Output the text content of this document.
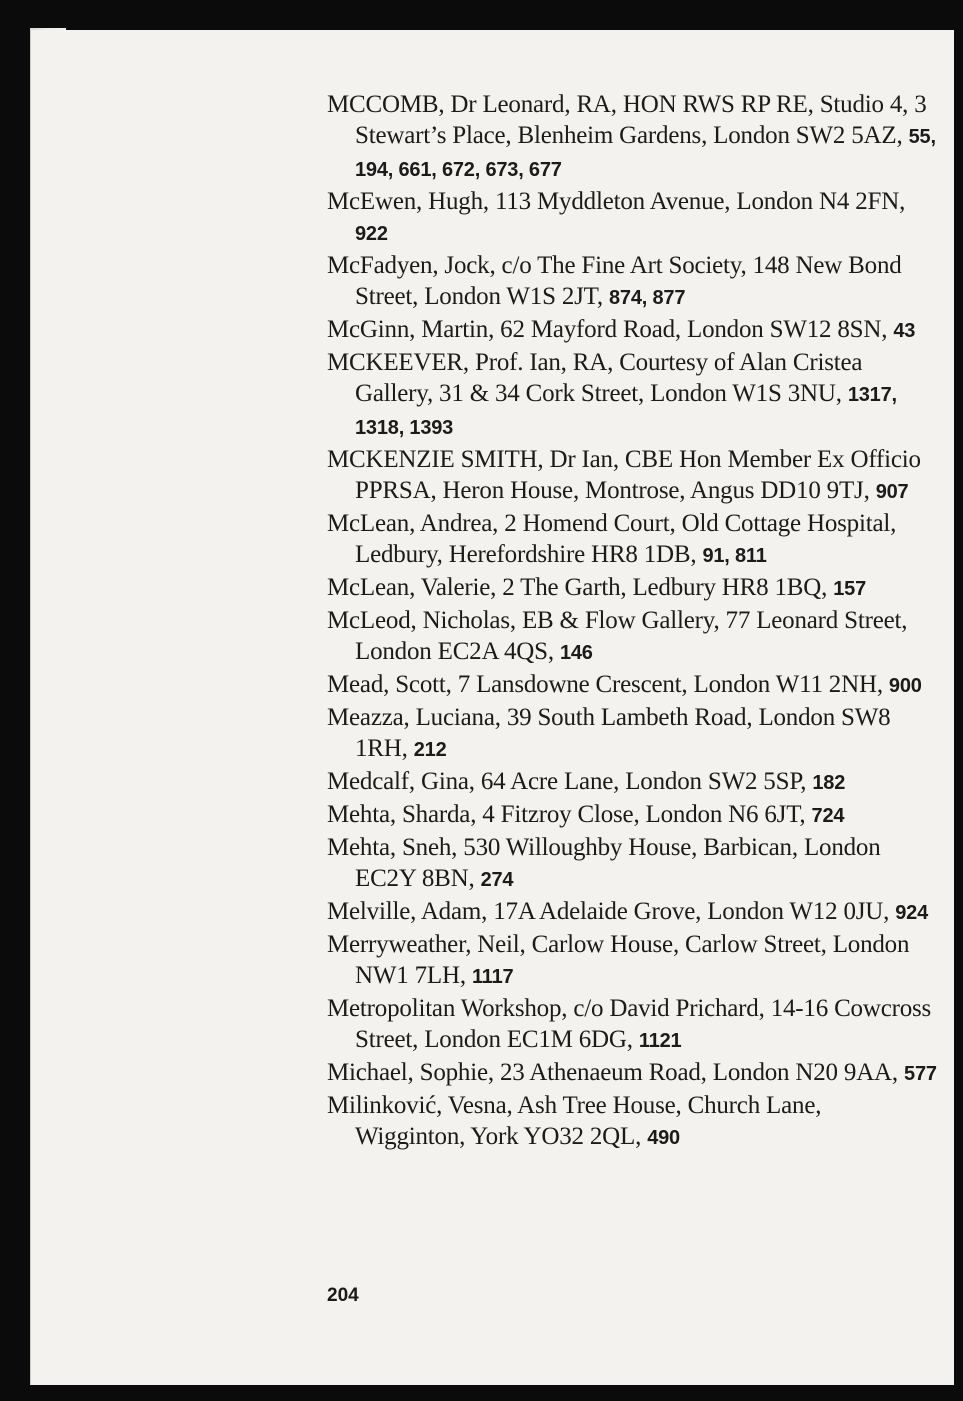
MCCOMB, Dr Leonard, RA, HON RWS RP RE, Studio 4, 3 Stewart’s Place, Blenheim Gardens, London SW2 5AZ, 55, 194, 661, 672, 673, 677
McEwen, Hugh, 113 Myddleton Avenue, London N4 2FN, 922
McFadyen, Jock, c/o The Fine Art Society, 148 New Bond Street, London W1S 2JT, 874, 877
McGinn, Martin, 62 Mayford Road, London SW12 8SN, 43
MCKEEVER, Prof. Ian, RA, Courtesy of Alan Cristea Gallery, 31 & 34 Cork Street, London W1S 3NU, 1317, 1318, 1393
MCKENZIE SMITH, Dr Ian, CBE Hon Member Ex Officio PPRSA, Heron House, Montrose, Angus DD10 9TJ, 907
McLean, Andrea, 2 Homend Court, Old Cottage Hospital, Ledbury, Herefordshire HR8 1DB, 91, 811
McLean, Valerie, 2 The Garth, Ledbury HR8 1BQ, 157
McLeod, Nicholas, EB & Flow Gallery, 77 Leonard Street, London EC2A 4QS, 146
Mead, Scott, 7 Lansdowne Crescent, London W11 2NH, 900
Meazza, Luciana, 39 South Lambeth Road, London SW8 1RH, 212
Medcalf, Gina, 64 Acre Lane, London SW2 5SP, 182
Mehta, Sharda, 4 Fitzroy Close, London N6 6JT, 724
Mehta, Sneh, 530 Willoughby House, Barbican, London EC2Y 8BN, 274
Melville, Adam, 17A Adelaide Grove, London W12 0JU, 924
Merryweather, Neil, Carlow House, Carlow Street, London NW1 7LH, 1117
Metropolitan Workshop, c/o David Prichard, 14-16 Cowcross Street, London EC1M 6DG, 1121
Michael, Sophie, 23 Athenaeum Road, London N20 9AA, 577
Milinković, Vesna, Ash Tree House, Church Lane, Wigginton, York YO32 2QL, 490
204
